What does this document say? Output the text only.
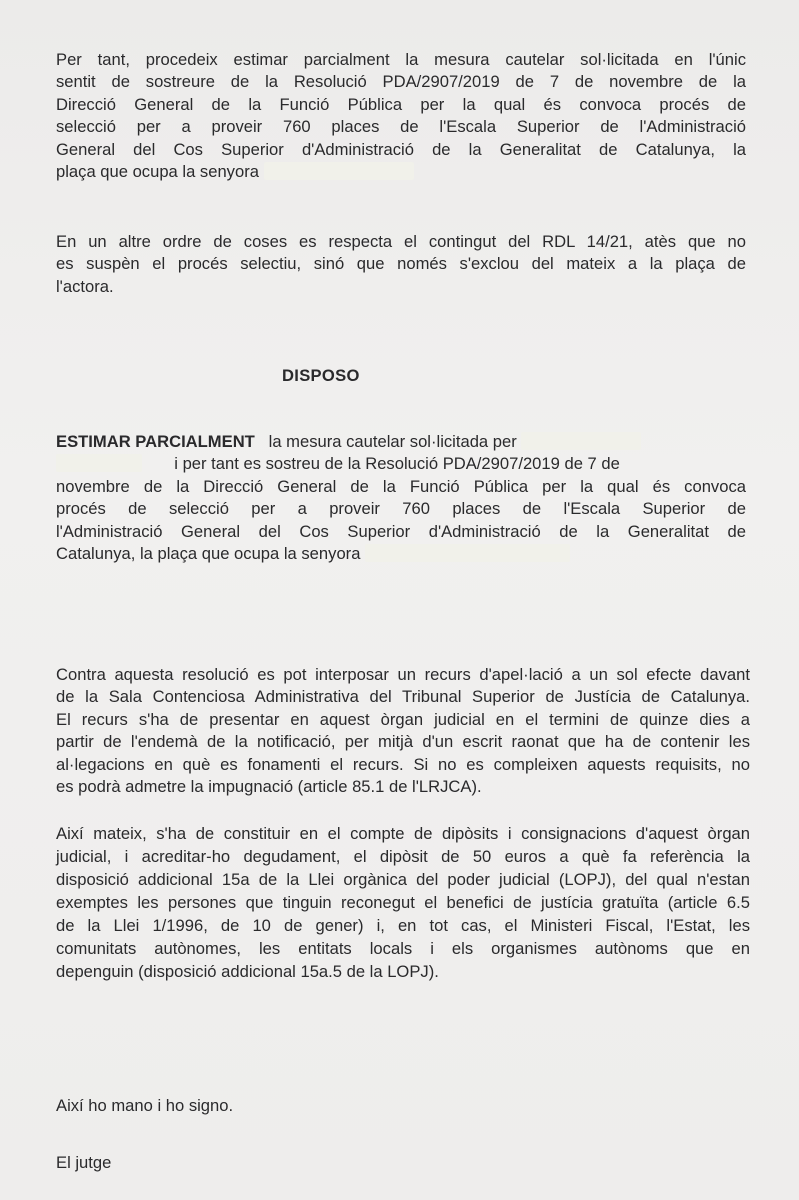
Per tant, procedeix estimar parcialment la mesura cautelar sol·licitada en l'únic
sentit de sostreure de la Resolució PDA/2907/2019 de 7 de novembre de la
Direcció General de la Funció Pública per la qual és convoca procés de
selecció per a proveir 760 places de l'Escala Superior de l'Administració
General del Cos Superior d'Administració de la Generalitat de Catalunya, la
plaça que ocupa la senyora
En un altre ordre de coses es respecta el contingut del RDL 14/21, atès que no
es suspèn el procés selectiu, sinó que només s'exclou del mateix a la plaça de
l'actora.

DISPOSO

ESTIMAR PARCIALMENT la mesura cautelar sol·licitada per
i per tant es sostreu de la Resolució PDA/2907/2019 de 7 de
novembre de la Direcció General de la Funció Pública per la qual és convoca
procés de selecció per a proveir 760 places de l'Escala Superior de
l'Administració General del Cos Superior d'Administració de la Generalitat de
Catalunya, la plaça que ocupa la senyora
Contra aquesta resolució es pot interposar un recurs d'apel·lació a un sol efecte davant
de la Sala Contenciosa Administrativa del Tribunal Superior de Justícia de Catalunya.
El recurs s'ha de presentar en aquest òrgan judicial en el termini de quinze dies a
partir de l'endemà de la notificació, per mitjà d'un escrit raonat que ha de contenir les
al·legacions en què es fonamenti el recurs. Si no es compleixen aquests requisits, no
es podrà admetre la impugnació (article 85.1 de l'LRJCA).
Així mateix, s'ha de constituir en el compte de dipòsits i consignacions d'aquest òrgan
judicial, i acreditar-ho degudament, el dipòsit de 50 euros a què fa referència la
disposició addicional 15a de la Llei orgànica del poder judicial (LOPJ), del qual n'estan
exemptes les persones que tinguin reconegut el benefici de justícia gratuïta (article 6.5
de la Llei 1/1996, de 10 de gener) i, en tot cas, el Ministeri Fiscal, l'Estat, les
comunitats autònomes, les entitats locals i els organismes autònoms que en
depenguin (disposició addicional 15a.5 de la LOPJ).

Així ho mano i ho signo.

El jutge
